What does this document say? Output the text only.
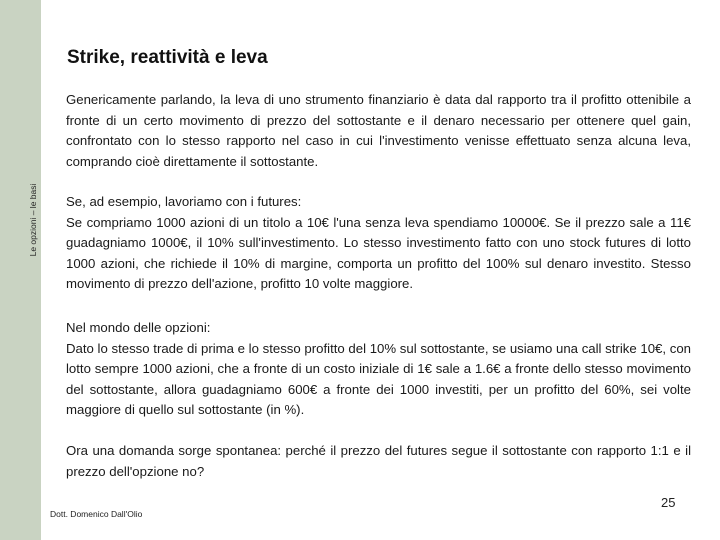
Le opzioni – le basi
Strike, reattività e leva
Genericamente parlando, la leva di uno strumento finanziario è data dal rapporto tra il profitto ottenibile a fronte di un certo movimento di prezzo del sottostante e il denaro necessario per ottenere quel gain, confrontato con lo stesso rapporto nel caso in cui l'investimento venisse effettuato senza alcuna leva, comprando cioè direttamente il sottostante.
Se, ad esempio, lavoriamo con i futures:
Se compriamo 1000 azioni di un titolo a 10€ l'una senza leva spendiamo 10000€. Se il prezzo sale a 11€ guadagniamo 1000€, il 10% sull'investimento. Lo stesso investimento fatto con uno stock futures di lotto 1000 azioni, che richiede il 10% di margine, comporta un profitto del 100% sul denaro investito. Stesso movimento di prezzo dell'azione, profitto 10 volte maggiore.
Nel mondo delle opzioni:
Dato lo stesso trade di prima e lo stesso profitto del 10% sul sottostante, se usiamo una call strike 10€, con lotto sempre 1000 azioni, che a fronte di un costo iniziale di 1€ sale a 1.6€ a fronte dello stesso movimento del sottostante, allora guadagniamo 600€ a fronte dei 1000 investiti, per un profitto del 60%, sei volte maggiore di quello sul sottostante (in %).
Ora una domanda sorge spontanea: perché il prezzo del futures segue il sottostante con rapporto 1:1 e il prezzo dell'opzione no?
Dott. Domenico Dall'Olio
25
